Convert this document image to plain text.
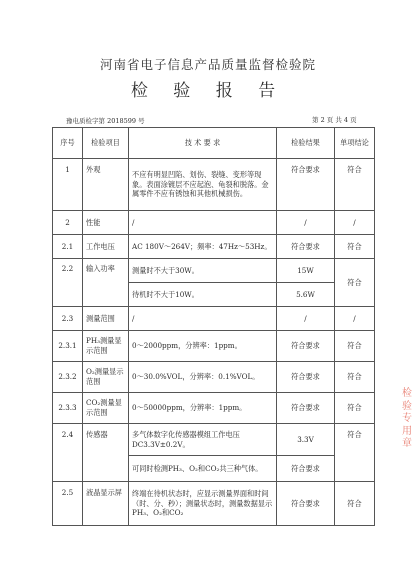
河南省电子信息产品质量监督检验院
检 验 报 告
豫电质检字第 2018599 号	第 2 页 共 4 页
序号	检验项目	技 术 要 求	检验结果	单项结论
1	外观	不应有明显凹陷、划伤、裂缝、变形等现象。表面涂镀层不应起泡、龟裂和脱落。金属零件不应有锈蚀和其他机械损伤。	符合要求	符合
2	性能	/	/	/
2.1	工作电压	AC 180V～264V；频率：47Hz～53Hz。	符合要求	符合
2.2	输入功率	测量时不大于30W。	15W	符合
		待机时不大于10W。	5.6W	
2.3	测量范围	/	/	/
2.3.1	PH₃测量显示范围	0～2000ppm，分辨率：1ppm。	符合要求	符合
2.3.2	O₂测量显示范围	0～30.0%VOL，分辨率：0.1%VOL。	符合要求	符合
2.3.3	CO₂测量显示范围	0～50000ppm，分辨率：1ppm。	符合要求	符合
2.4	传感器	多气体数字化传感器模组工作电压DC3.3V±0.2V。	3.3V	符合
		可同时检测PH₃、O₂和CO₂共三种气体。	符合要求	
2.5	液晶显示屏	终端在待机状态时，应显示测量界面和时间（时、分、秒）；测量状态时，测量数据显示PH₃、O₂和CO₂	符合要求	符合
检验专用章
